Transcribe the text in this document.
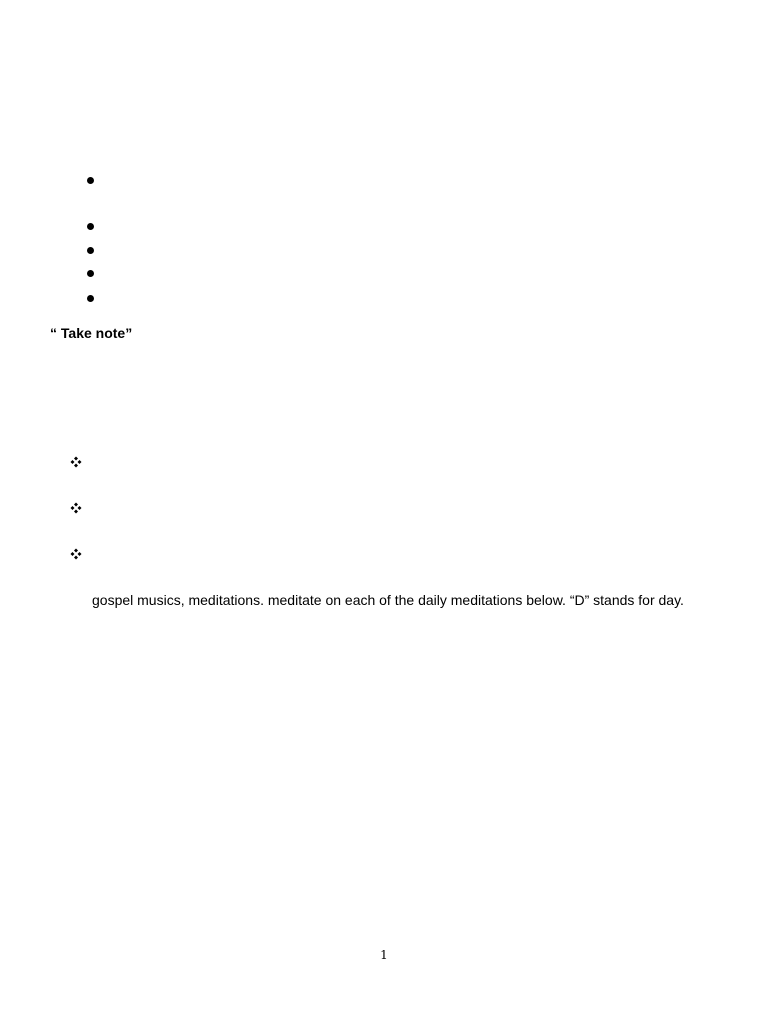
“ Take note”
gospel musics, meditations. meditate on each of the daily meditations below. “D” stands for day.
1
